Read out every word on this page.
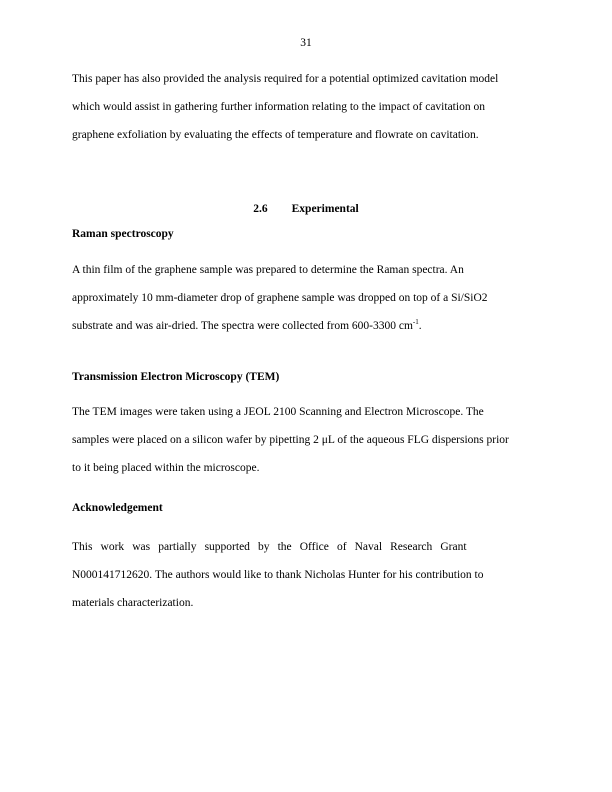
31
This paper has also provided the analysis required for a potential optimized cavitation model
which would assist in gathering further information relating to the impact of cavitation on
graphene exfoliation by evaluating the effects of temperature and flowrate on cavitation.
2.6 Experimental
Raman spectroscopy
A thin film of the graphene sample was prepared to determine the Raman spectra. An
approximately 10 mm-diameter drop of graphene sample was dropped on top of a Si/SiO2
substrate and was air-dried. The spectra were collected from 600-3300 $cm^{-1}$.
Transmission Electron Microscopy (TEM)
The TEM images were taken using a JEOL 2100 Scanning and Electron Microscope. The
samples were placed on a silicon wafer by pipetting 2 μL of the aqueous FLG dispersions prior
to it being placed within the microscope.
Acknowledgement
This work was partially supported by the Office of Naval Research Grant
N000141712620. The authors would like to thank Nicholas Hunter for his contribution to
materials characterization.
